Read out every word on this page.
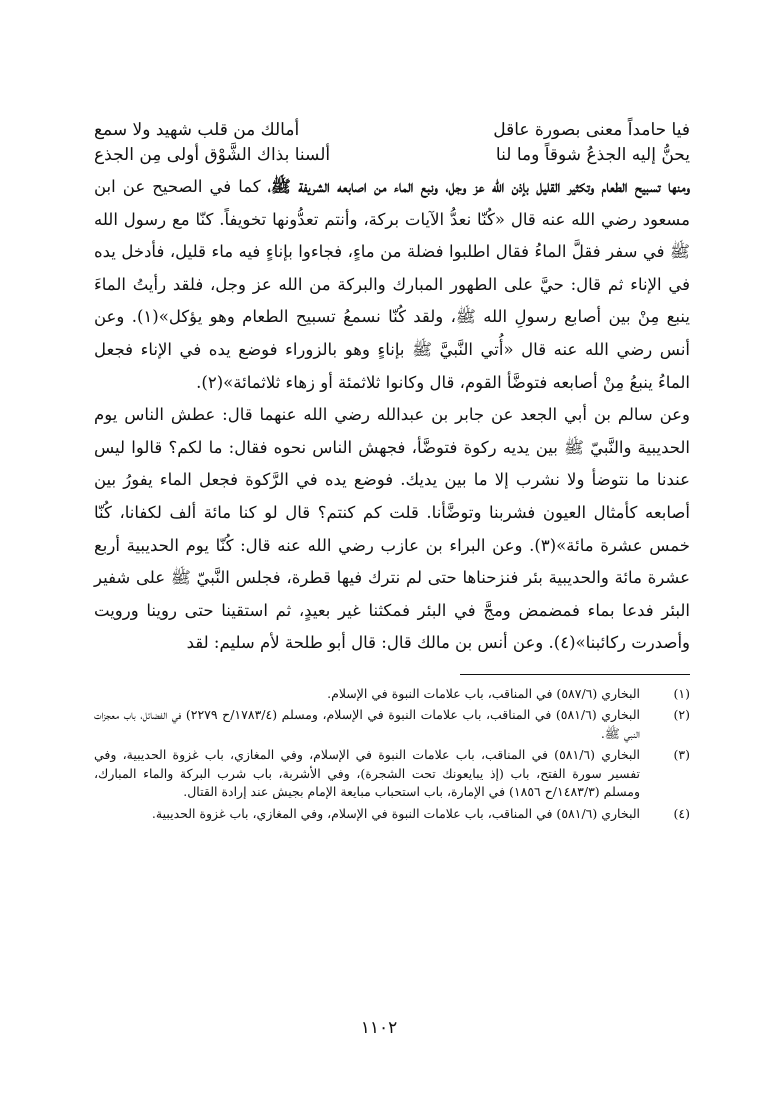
فيا حامداً معنى بصورة عاقل
أمالك من قلب شهيد ولا سمع
يحنُّ إليه الجذعُ شوقاً وما لنا
ألسنا بذاك الشَّوْق أولى مِن الجذع

ومنها تسبيح الطعام وتكثير القليل بإذن الله عز وجل، ونبع الماء من اصابعه الشريفة ﷺ، كما في الصحيح عن ابن مسعود رضي الله عنه قال «كُنّا نعدُّ الآيات بركة، وأنتم تعدُّونها تخويفاً. كنّا مع رسول الله ﷺ في سفر فقلَّ الماءُ فقال اطلبوا فضلة من ماءٍ، فجاءوا بإناءٍ فيه ماء قليل، فأدخل يده في الإناء ثم قال: حيَّ على الطهور المبارك والبركة من الله عز وجل، فلقد رأيتُ الماءَ ينبع مِنْ بين أصابع رسولِ الله ﷺ، ولقد كُنّا نسمعُ تسبيح الطعام وهو يؤكل»(١). وعن أنس رضي الله عنه قال «أُتي النَّبيَّ ﷺ بإناءٍ وهو بالزوراء فوضع يده في الإناء فجعل الماءُ ينبعُ مِنْ أصابعه فتوضَّأ القوم، قال وكانوا ثلاثمئة أو زهاء ثلاثمائة»(٢).

وعن سالم بن أبي الجعد عن جابر بن عبدالله رضي الله عنهما قال: عطش الناس يوم الحديبية والنَّبيّ ﷺ بين يديه ركوة فتوضَّأ، فجهش الناس نحوه فقال: ما لكم؟ قالوا ليس عندنا ما نتوضأ ولا نشرب إلا ما بين يديك. فوضع يده في الرَّكوة فجعل الماء يفورُ بين أصابعه كأمثال العيون فشربنا وتوضَّأنا. قلت كم كنتم؟ قال لو كنا مائة ألف لكفانا، كُنّا خمس عشرة مائة»(٣). وعن البراء بن عازب رضي الله عنه قال: كُنّا يوم الحديبية أربع عشرة مائة والحديبية بئر فنزحناها حتى لم نترك فيها قطرة، فجلس النَّبيّ ﷺ على شفير البئر فدعا بماء فمضمض ومجَّ في البئر فمكثنا غير بعيدٍ، ثم استقينا حتى روينا ورويت وأصدرت ركائبنا»(٤). وعن أنس بن مالك قال: قال أبو طلحة لأم سليم: لقد

(١)
البخاري (٥٨٧/٦) في المناقب، باب علامات النبوة في الإسلام.
(٢)
البخاري (٥٨١/٦) في المناقب، باب علامات النبوة في الإسلام، ومسلم (١٧٨٣/٤/ح ٢٢٧٩) في الفضائل، باب معجزات النبي ﷺ.
(٣)
البخاري (٥٨١/٦) في المناقب، باب علامات النبوة في الإسلام، وفي المغازي، باب غزوة الحديبية، وفي تفسير سورة الفتح، باب (إذ يبايعونك تحت الشجرة)، وفي الأشربة، باب شرب البركة والماء المبارك، ومسلم (١٤٨٣/٣/ح ١٨٥٦) في الإمارة، باب استحباب مبايعة الإمام بجيش عند إرادة القتال.
(٤)
البخاري (٥٨١/٦) في المناقب، باب علامات النبوة في الإسلام، وفي المغازي، باب غزوة الحديبية.
١١٠٢
